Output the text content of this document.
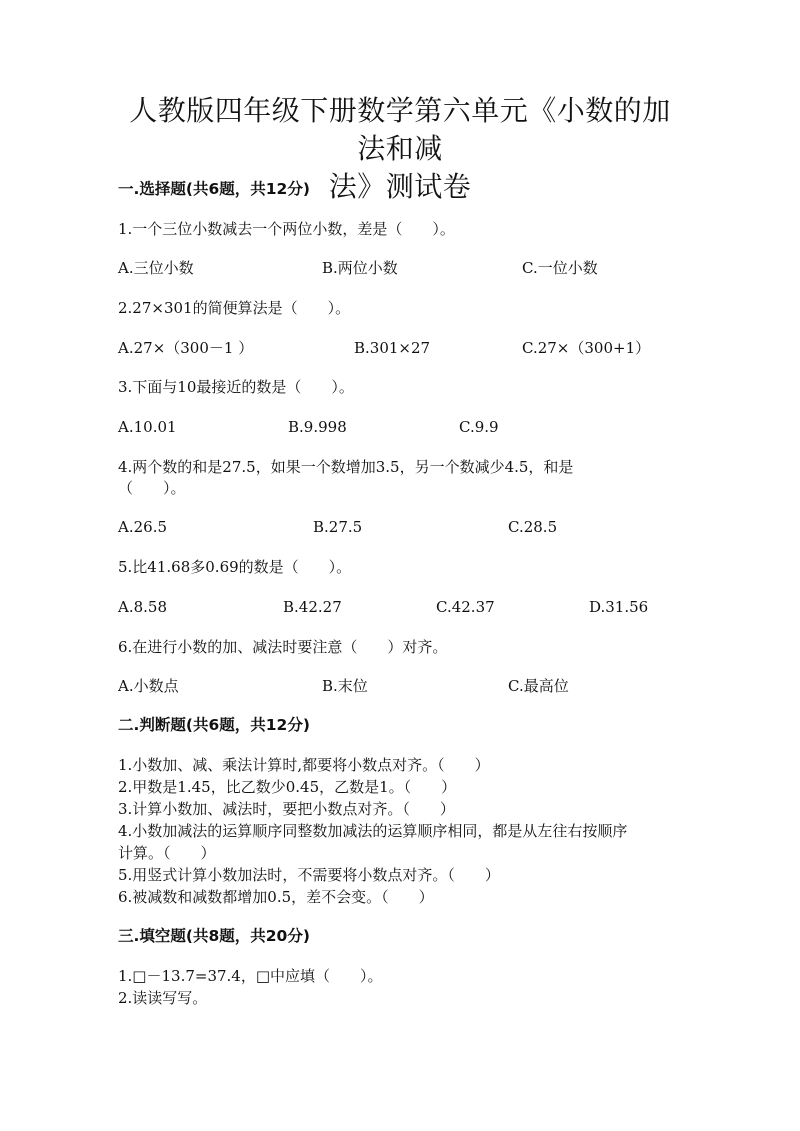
人教版四年级下册数学第六单元《小数的加法和减
法》测试卷
一.选择题(共6题，共12分)
1.一个三位小数减去一个两位小数，差是（　　）。
A.三位小数	B.两位小数	C.一位小数
2.27×301的简便算法是（　　）。
A.27×（300－1 ）	B.301×27	C.27×（300+1）
3.下面与10最接近的数是（　　）。
A.10.01	B.9.998	C.9.9
4.两个数的和是27.5，如果一个数增加3.5，另一个数减少4.5，和是
（　　）。
A.26.5	B.27.5	C.28.5
5.比41.68多0.69的数是（　　）。
A.8.58	B.42.27	C.42.37	D.31.56
6.在进行小数的加、减法时要注意（　　）对齐。
A.小数点	B.末位	C.最高位
二.判断题(共6题，共12分)
1.小数加、减、乘法计算时,都要将小数点对齐。（　　）
2.甲数是1.45，比乙数少0.45，乙数是1。（　　）
3.计算小数加、减法时，要把小数点对齐。（　　）
4.小数加减法的运算顺序同整数加减法的运算顺序相同，都是从左往右按顺序
计算。（　　）
5.用竖式计算小数加法时，不需要将小数点对齐。（　　）
6.被减数和减数都增加0.5，差不会变。（　　）
三.填空题(共8题，共20分)
1.□－13.7=37.4，□中应填（　　）。
2.读读写写。
